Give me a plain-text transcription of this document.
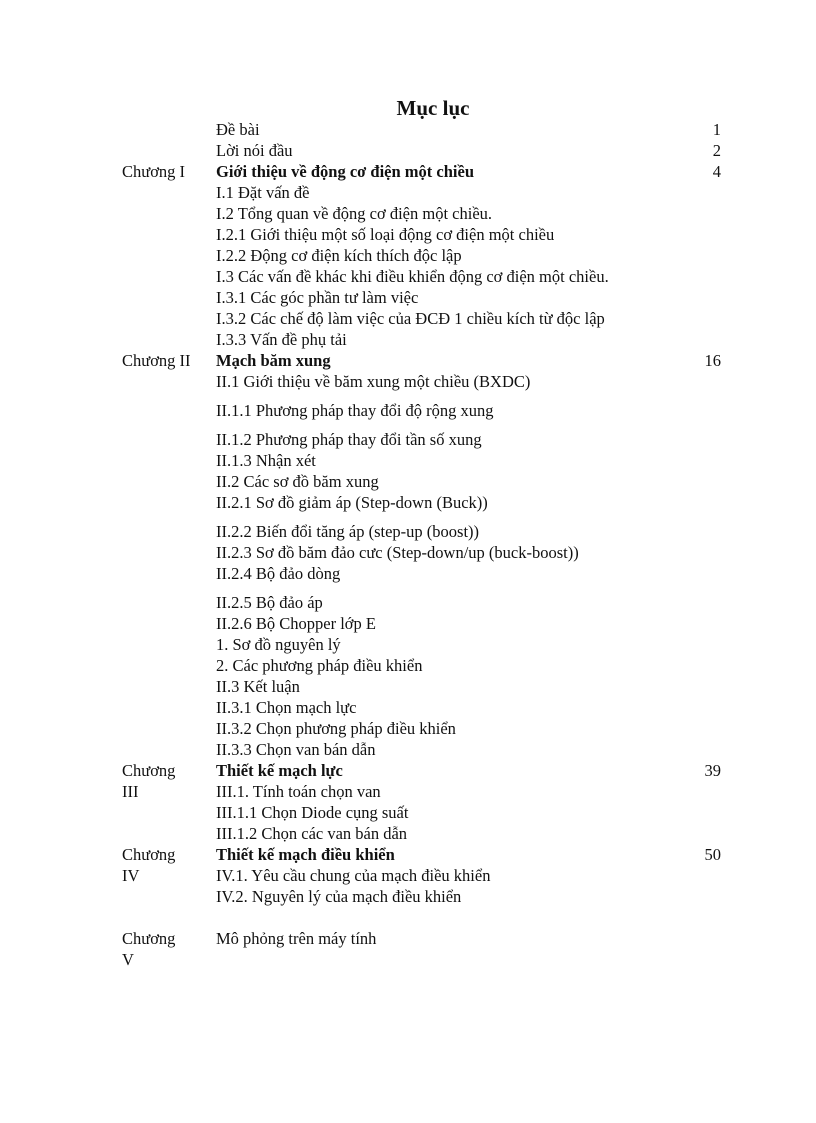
Mục lục
Đề bài	1
Lời nói đầu	2
Chương I	Giới thiệu về động cơ điện một chiều	4
I.1 Đặt vấn đề
I.2 Tổng quan về động cơ điện một chiều.
I.2.1 Giới thiệu một số loại động cơ điện một chiều
I.2.2 Động cơ điện kích thích độc lập
I.3 Các vấn đề khác khi điều khiển động cơ điện một chiều.
I.3.1 Các góc phần tư làm việc
I.3.2 Các chế độ làm việc của ĐCĐ 1 chiều kích từ độc lập
I.3.3 Vấn đề phụ tải
Chương II	Mạch băm xung	16
II.1 Giới thiệu về băm xung một chiều (BXDC)
II.1.1 Phương pháp thay đổi độ rộng xung
II.1.2 Phương pháp thay đổi tần số xung
II.1.3 Nhận xét
II.2 Các sơ đồ băm xung
II.2.1 Sơ đồ giảm áp (Step-down (Buck))
II.2.2 Biến đổi tăng áp (step-up (boost))
II.2.3 Sơ đồ băm đảo cưc (Step-down/up (buck-boost))
II.2.4 Bộ đảo dòng
II.2.5 Bộ đảo áp
II.2.6 Bộ Chopper lớp E
1. Sơ đồ nguyên lý
2. Các phương pháp điều khiển
II.3 Kết luận
II.3.1 Chọn mạch lực
II.3.2 Chọn phương pháp điều khiển
II.3.3 Chọn van bán dẫn
Chương	Thiết kế mạch lực	39
III	III.1. Tính toán chọn van
III.1.1 Chọn Diode cụng suất
III.1.2 Chọn các van bán dẫn
Chương	Thiết kế mạch điều khiển	50
IV	IV.1. Yêu cầu chung của mạch điều khiển
IV.2. Nguyên lý của mạch điều khiển
Chương	Mô phỏng trên máy tính
V
